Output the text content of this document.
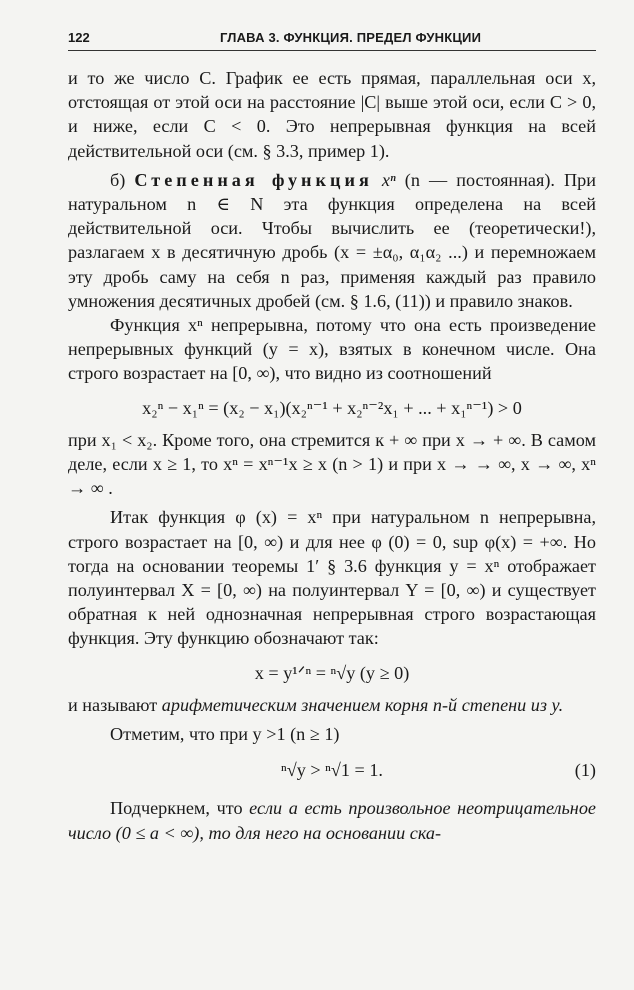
122	ГЛАВА 3. ФУНКЦИЯ. ПРЕДЕЛ ФУНКЦИИ

и то же число C. График ее есть прямая, параллельная оси x, отстоящая от этой оси на расстояние |C| выше этой оси, если C > 0, и ниже, если C < 0. Это непрерывная функция на всей действительной оси (см. § 3.3, пример 1).

б) Степенная функция xⁿ (n — постоянная). При натуральном n ∈ N эта функция определена на всей действительной оси. Чтобы вычислить ее (теоретически!), разлагаем x в десятичную дробь (x = ±α₀, α₁α₂ ...) и перемножаем эту дробь саму на себя n раз, применяя каждый раз правило умножения десятичных дробей (см. § 1.6, (11)) и правило знаков.

Функция xⁿ непрерывна, потому что она есть произведение непрерывных функций (y = x), взятых в конечном числе. Она строго возрастает на [0, ∞), что видно из соотношений

x₂ⁿ − x₁ⁿ = (x₂ − x₁)(x₂ⁿ⁻¹ + x₂ⁿ⁻²x₁ + ... + x₁ⁿ⁻¹) > 0

при x₁ < x₂. Кроме того, она стремится к + ∞ при x → + ∞. В самом деле, если x ≥ 1, то xⁿ = xⁿ⁻¹x ≥ x (n > 1) и при x → → ∞, x → ∞, xⁿ → ∞ .

Итак функция φ (x) = xⁿ при натуральном n непрерывна, строго возрастает на [0, ∞) и для нее φ (0) = 0, sup φ(x) = +∞. Но тогда на основании теоремы 1′ § 3.6 функция y = xⁿ отображает полуинтервал X = [0, ∞) на полуинтервал Y = [0, ∞) и существует обратная к ней однозначная непрерывная строго возрастающая функция. Эту функцию обозначают так:

x = y¹ᐟⁿ = ⁿ√y (y ≥ 0)

и называют арифметическим значением корня n-й степени из y.

Отметим, что при y >1 (n ≥ 1)

ⁿ√y > ⁿ√1 = 1.	(1)

Подчеркнем, что если a есть произвольное неотрицательное число (0 ≤ a < ∞), то для него на основании ска-
